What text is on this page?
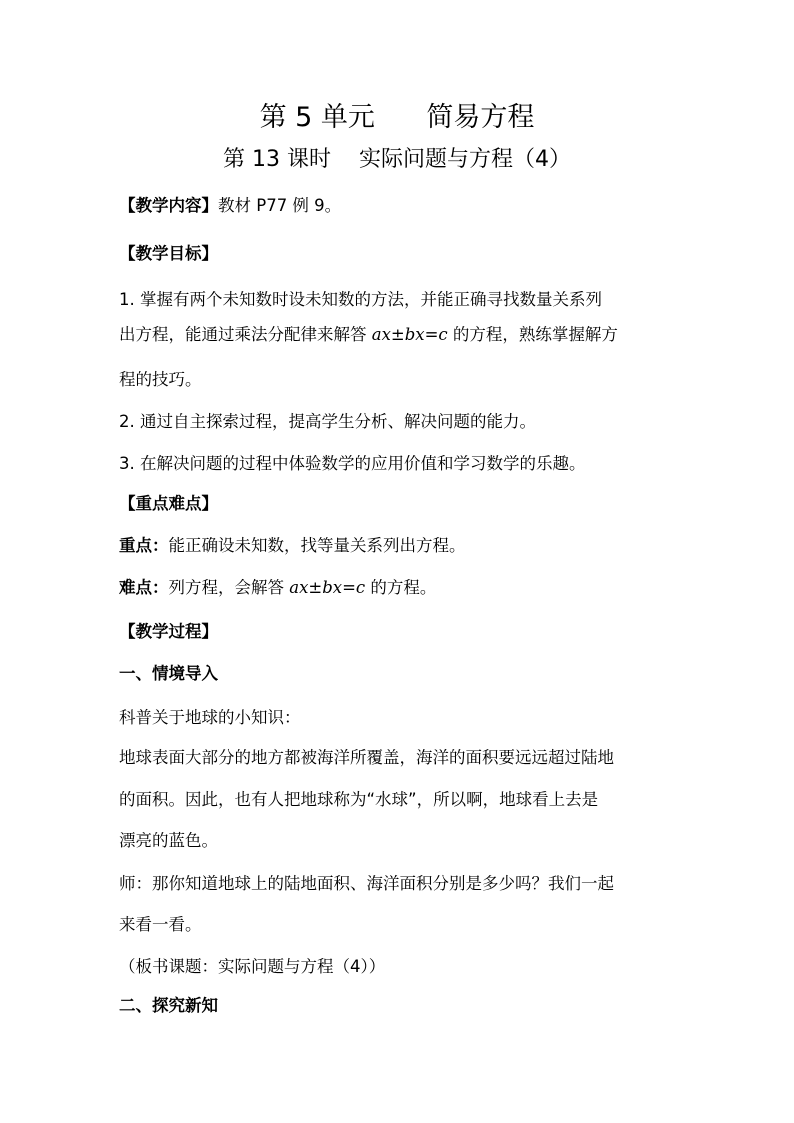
第 5 单元      简易方程
第 13 课时    实际问题与方程（4）
【教学内容】教材 P77 例 9。
【教学目标】
1. 掌握有两个未知数时设未知数的方法，并能正确寻找数量关系列
出方程，能通过乘法分配律来解答 ax±bx=c 的方程，熟练掌握解方
程的技巧。
2. 通过自主探索过程，提高学生分析、解决问题的能力。
3. 在解决问题的过程中体验数学的应用价值和学习数学的乐趣。
【重点难点】
重点：能正确设未知数，找等量关系列出方程。
难点：列方程，会解答 ax±bx=c 的方程。
【教学过程】
一、情境导入
科普关于地球的小知识：
地球表面大部分的地方都被海洋所覆盖，海洋的面积要远远超过陆地
的面积。因此，也有人把地球称为“水球”，所以啊，地球看上去是
漂亮的蓝色。
师：那你知道地球上的陆地面积、海洋面积分别是多少吗？我们一起
来看一看。
（板书课题：实际问题与方程（4））
二、探究新知
